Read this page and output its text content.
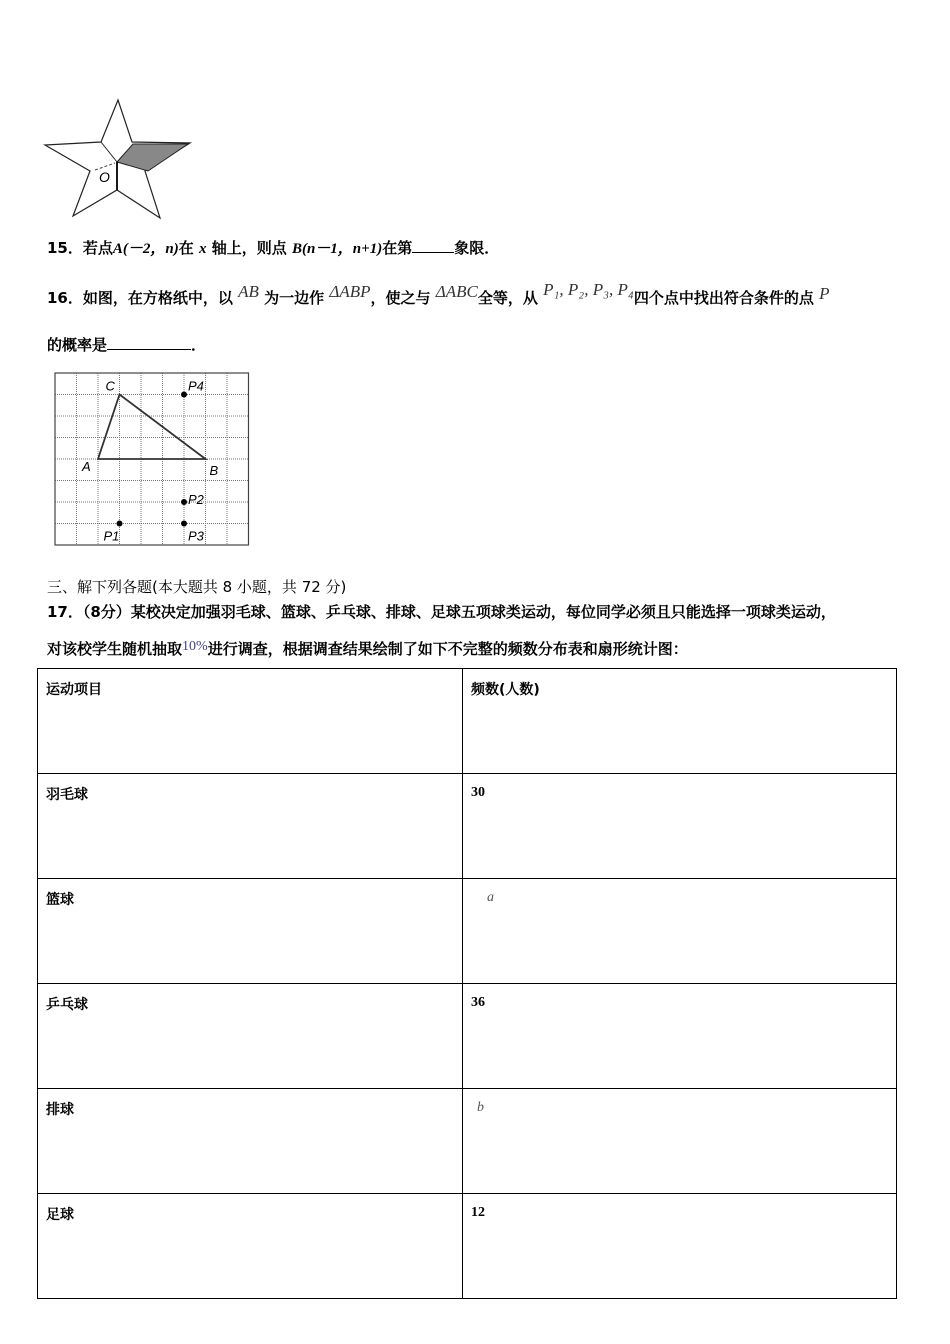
O
15．若点A(－2，n)在 x 轴上，则点 B(n－1，n+1)在第	象限．
16．如图，在方格纸中，以 AB 为一边作 ΔABP，使之与 ΔABC全等，从 P₁, P₂, P₃, P₄四个点中找出符合条件的点 P
的概率是	．
C
A	B
P4
P2
P1	P3
三、解下列各题(本大题共 8 小题，共 72 分)
17．（8分）某校决定加强羽毛球、篮球、乒乓球、排球、足球五项球类运动，每位同学必须且只能选择一项球类运动，
对该校学生随机抽取10%进行调查，根据调查结果绘制了如下不完整的频数分布表和扇形统计图：
运动项目	频数(人数)
羽毛球	30
篮球	a
乒乓球	36
排球	b
足球	12
